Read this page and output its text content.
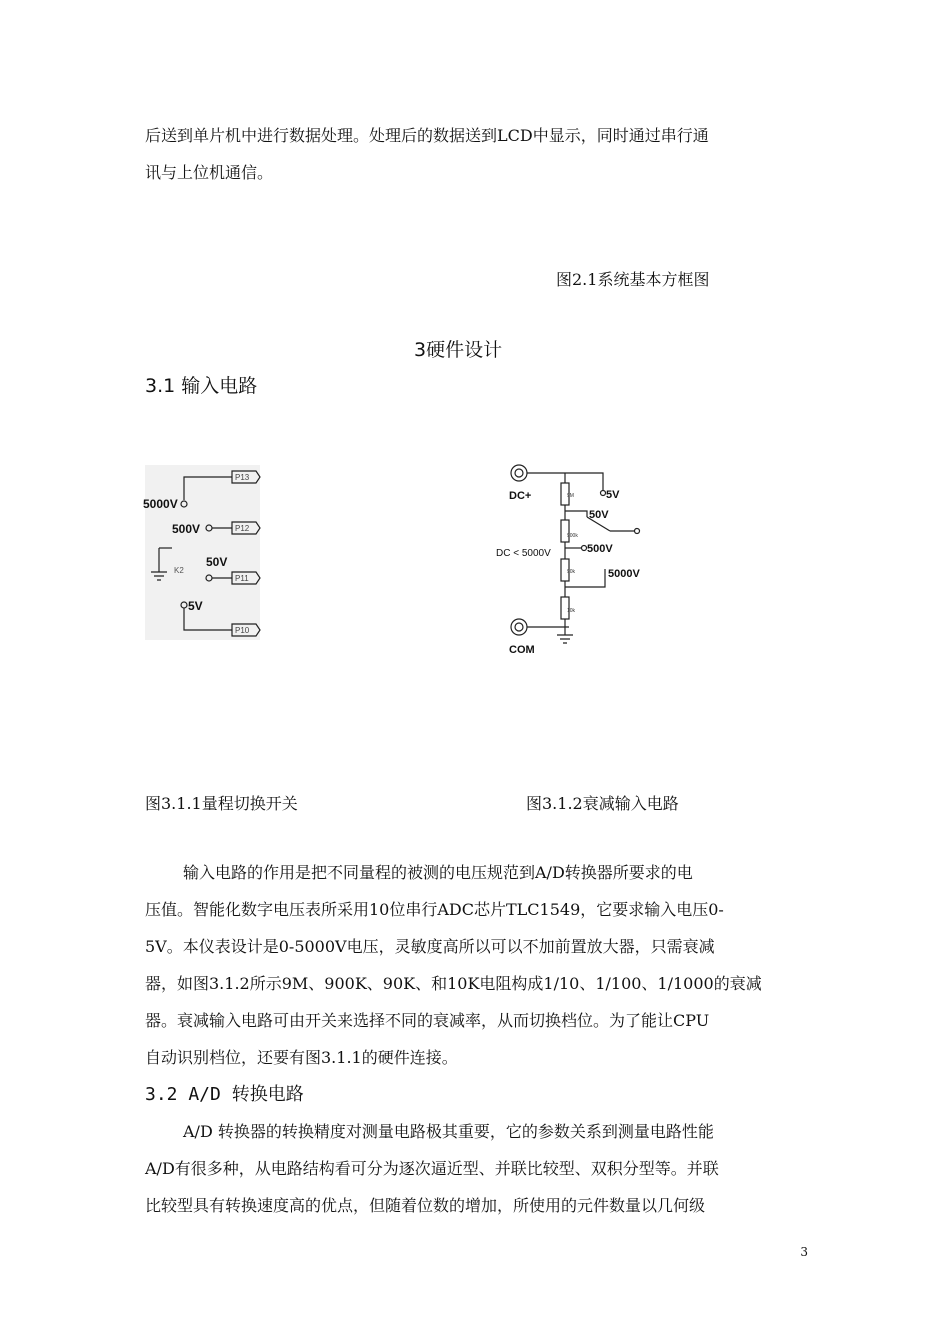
后送到单片机中进行数据处理。处理后的数据送到LCD中显示，同时通过串行通
讯与上位机通信。
图2.1系统基本方框图
3硬件设计
3.1 输入电路
P13
P12
P11
P10
K2
5000V
500V
50V
5V
9M
900k
90k
10k
DC+
COM
5V
50V
500V
5000V
DC < 5000V
图3.1.1量程切换开关	图3.1.2衰减输入电路
输入电路的作用是把不同量程的被测的电压规范到A/D转换器所要求的电
压值。智能化数字电压表所采用10位串行ADC芯片TLC1549，它要求输入电压0-
5V。本仪表设计是0-5000V电压，灵敏度高所以可以不加前置放大器，只需衰减
器，如图3.1.2所示9M、900K、90K、和10K电阻构成1/10、1/100、1/1000的衰减
器。衰减输入电路可由开关来选择不同的衰减率，从而切换档位。为了能让CPU
自动识别档位，还要有图3.1.1的硬件连接。
3.2 A/D 转换电路
A/D 转换器的转换精度对测量电路极其重要，它的参数关系到测量电路性能
A/D有很多种，从电路结构看可分为逐次逼近型、并联比较型、双积分型等。并联
比较型具有转换速度高的优点，但随着位数的增加，所使用的元件数量以几何级
3
